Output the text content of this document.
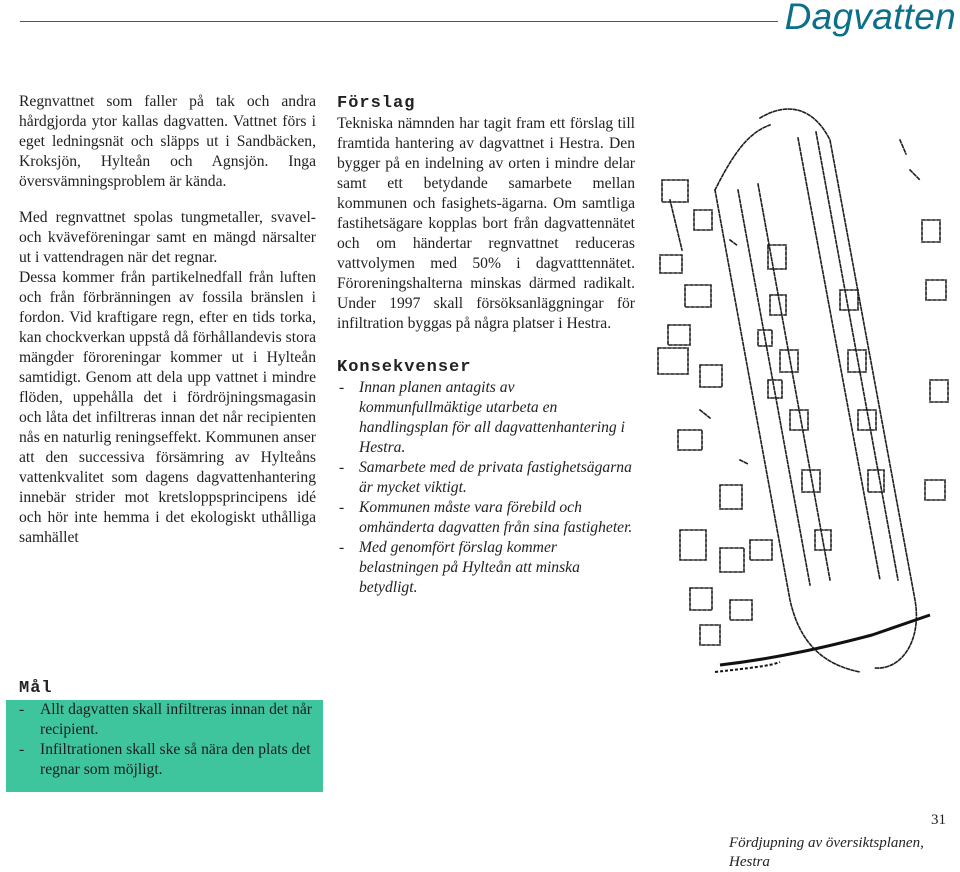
Dagvatten

Regnvattnet som faller på tak och andra hårdgjorda ytor kallas dagvatten. Vattnet förs i eget ledningsnät och släpps ut i Sandbäcken, Kroksjön, Hylteån och Agnsjön. Inga översvämningsproblem är kända.

Med regnvattnet spolas tungmetaller, svavel- och kväveföreningar samt en mängd närsalter ut i vattendragen när det regnar.

Dessa kommer från partikelnedfall från luften och från förbränningen av fossila bränslen i fordon. Vid kraftigare regn, efter en tids torka, kan chockverkan uppstå då förhållandevis stora mängder föroreningar kommer ut i Hylteån samtidigt. Genom att dela upp vattnet i mindre flöden, uppehålla det i fördröjningsmagasin och låta det infiltreras innan det når recipienten nås en naturlig reningseffekt. Kommunen anser att den successiva försämring av Hylteåns vattenkvalitet som dagens dagvattenhantering innebär strider mot kretsloppsprincipens idé och hör inte hemma i det ekologiskt uthålliga samhället

Mål
- Allt dagvatten skall infiltreras innan det når recipient.
- Infiltrationen skall ske så nära den plats det regnar som möjligt.
Förslag

Tekniska nämnden har tagit fram ett förslag till framtida hantering av dagvattnet i Hestra. Den bygger på en indelning av orten i mindre delar samt ett betydande samarbete mellan kommunen och fasighets-ägarna. Om samtliga fastihetsägare kopplas bort från dagvattennätet och om händertar regnvattnet reduceras vattvolymen med 50% i dagvatttennätet. Föroreningshalterna minskas därmed radikalt. Under 1997 skall försöksanläggningar för infiltration byggas på några platser i Hestra.

Konsekvenser
- Innan planen antagits av kommunfullmäktige utarbeta en handlingsplan för all dagvattenhantering i Hestra.
- Samarbete med de privata fastighetsägarna är mycket viktigt.
- Kommunen måste vara förebild och omhänderta dagvatten från sina fastigheter.
- Med genomfört förslag kommer belastningen på Hylteån att minska betydligt.
31
Fördjupning av översiktsplanen, Hestra
